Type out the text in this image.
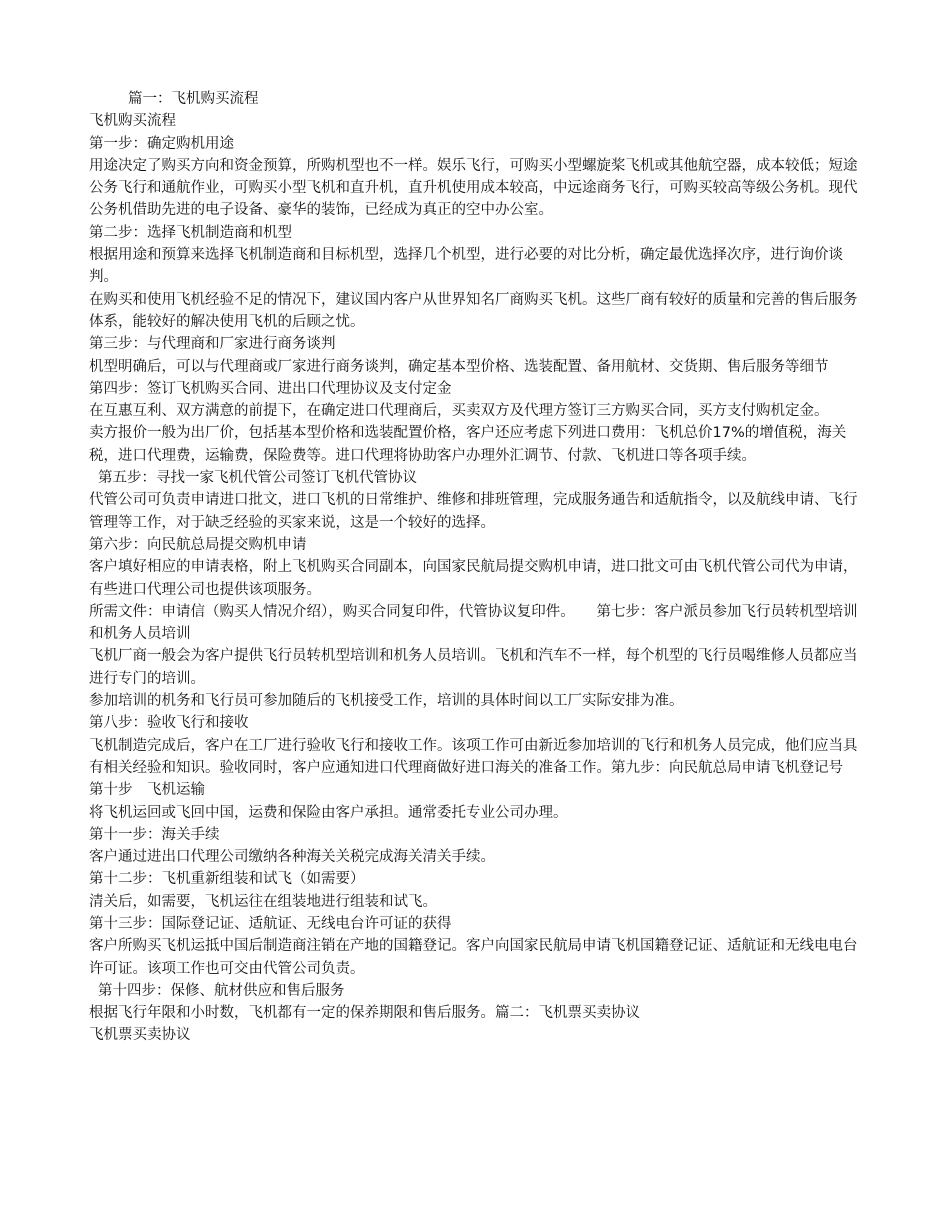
篇一：飞机购买流程

飞机购买流程

第一步：确定购机用途

用途决定了购买方向和资金预算，所购机型也不一样。娱乐飞行，可购买小型螺旋桨飞机或其他航空器，成本较低；短途公务飞行和通航作业，可购买小型飞机和直升机，直升机使用成本较高，中远途商务飞行，可购买较高等级公务机。现代公务机借助先进的电子设备、豪华的装饰，已经成为真正的空中办公室。

第二步：选择飞机制造商和机型

根据用途和预算来选择飞机制造商和目标机型，选择几个机型，进行必要的对比分析，确定最优选择次序，进行询价谈判。

在购买和使用飞机经验不足的情况下，建议国内客户从世界知名厂商购买飞机。这些厂商有较好的质量和完善的售后服务体系，能较好的解决使用飞机的后顾之忧。

第三步：与代理商和厂家进行商务谈判

机型明确后，可以与代理商或厂家进行商务谈判，确定基本型价格、选装配置、备用航材、交货期、售后服务等细节

第四步：签订飞机购买合同、进出口代理协议及支付定金

在互惠互利、双方满意的前提下，在确定进口代理商后，买卖双方及代理方签订三方购买合同，买方支付购机定金。

卖方报价一般为出厂价，包括基本型价格和选装配置价格，客户还应考虑下列进口费用：飞机总价17%的增值税，海关税，进口代理费，运输费，保险费等。进口代理将协助客户办理外汇调节、付款、飞机进口等各项手续。

第五步：寻找一家飞机代管公司签订飞机代管协议

代管公司可负责申请进口批文，进口飞机的日常维护、维修和排班管理，完成服务通告和适航指令，以及航线申请、飞行管理等工作，对于缺乏经验的买家来说，这是一个较好的选择。

第六步：向民航总局提交购机申请

客户填好相应的申请表格，附上飞机购买合同副本，向国家民航局提交购机申请，进口批文可由飞机代管公司代为申请，有些进口代理公司也提供该项服务。

所需文件：申请信（购买人情况介绍），购买合同复印件，代管协议复印件。　　第七步：客户派员参加飞行员转机型培训和机务人员培训

飞机厂商一般会为客户提供飞行员转机型培训和机务人员培训。飞机和汽车不一样，每个机型的飞行员喝维修人员都应当进行专门的培训。

参加培训的机务和飞行员可参加随后的飞机接受工作，培训的具体时间以工厂实际安排为准。

第八步：验收飞行和接收

飞机制造完成后，客户在工厂进行验收飞行和接收工作。该项工作可由新近参加培训的飞行和机务人员完成，他们应当具有相关经验和知识。验收同时，客户应通知进口代理商做好进口海关的准备工作。第九步：向民航总局申请飞机登记号

第十步　飞机运输

将飞机运回或飞回中国，运费和保险由客户承担。通常委托专业公司办理。

第十一步：海关手续

客户通过进出口代理公司缴纳各种海关关税完成海关清关手续。

第十二步：飞机重新组装和试飞（如需要）

清关后，如需要，飞机运往在组装地进行组装和试飞。

第十三步：国际登记证、适航证、无线电台许可证的获得

客户所购买飞机运抵中国后制造商注销在产地的国籍登记。客户向国家民航局申请飞机国籍登记证、适航证和无线电电台许可证。该项工作也可交由代管公司负责。

第十四步：保修、航材供应和售后服务

根据飞行年限和小时数，飞机都有一定的保养期限和售后服务。篇二：飞机票买卖协议

飞机票买卖协议
